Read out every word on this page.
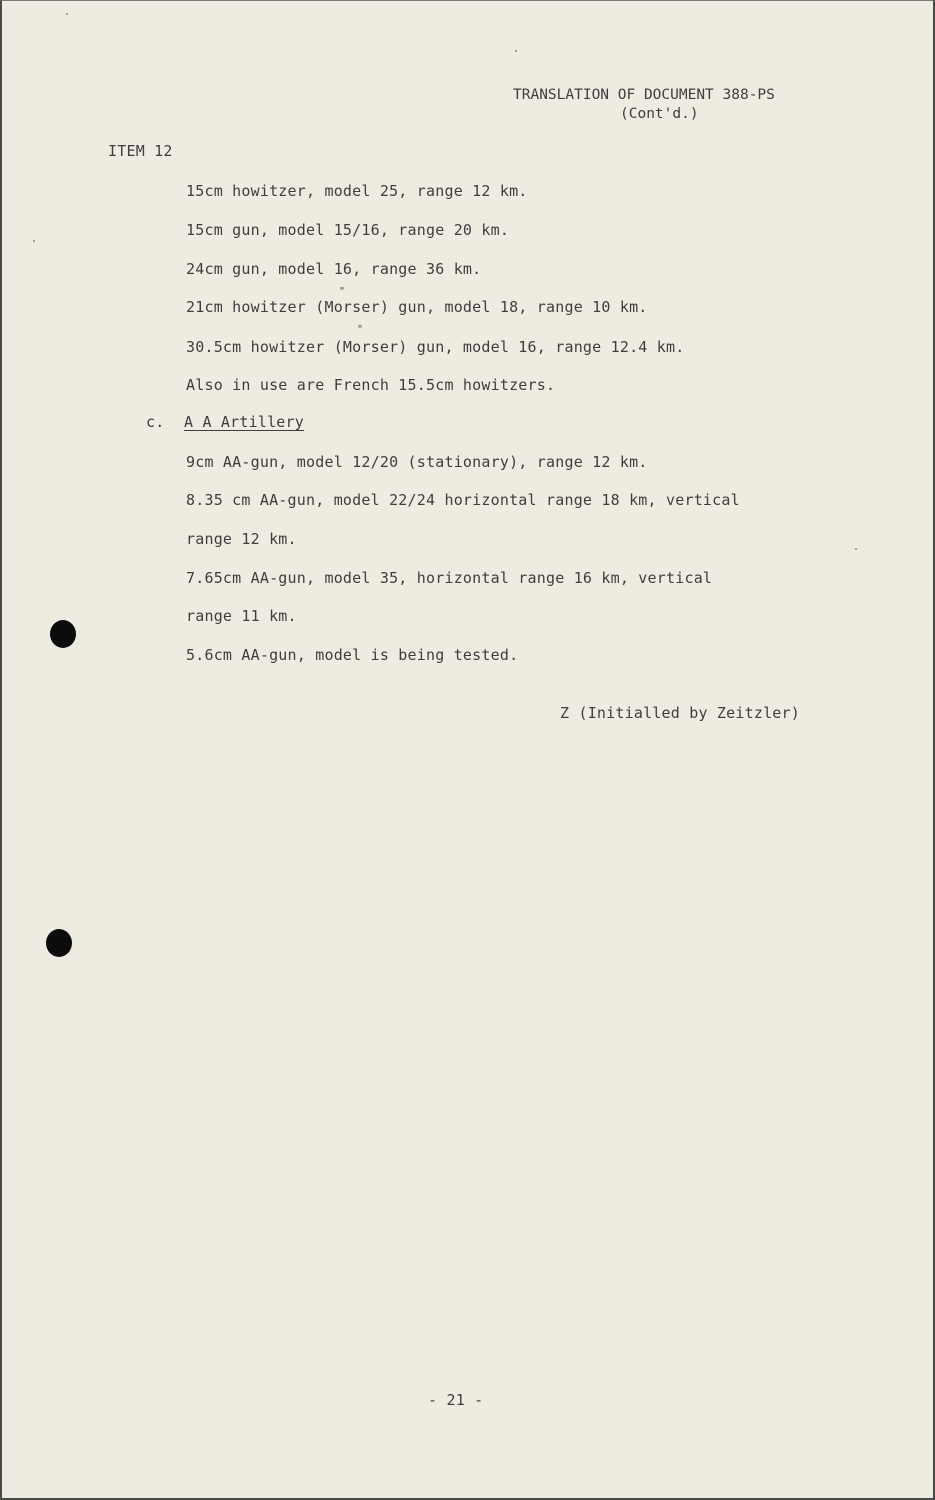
TRANSLATION OF DOCUMENT 388-PS

(Cont'd.)

ITEM 12

15cm howitzer, model 25, range 12 km.

15cm gun, model 15/16, range 20 km.

24cm gun, model 16, range 36 km.

"

21cm howitzer (Morser) gun, model 18, range 10 km.

"

30.5cm howitzer (Morser) gun, model 16, range 12.4 km.

Also in use are French 15.5cm howitzers.

c. A A Artillery

9cm AA-gun, model 12/20 (stationary), range 12 km.

8.35 cm AA-gun, model 22/24 horizontal range 18 km, vertical

range 12 km.

7.65cm AA-gun, model 35, horizontal range 16 km, vertical

range 11 km.

5.6cm AA-gun, model is being tested.

Z (Initialled by Zeitzler)

- 21 -
